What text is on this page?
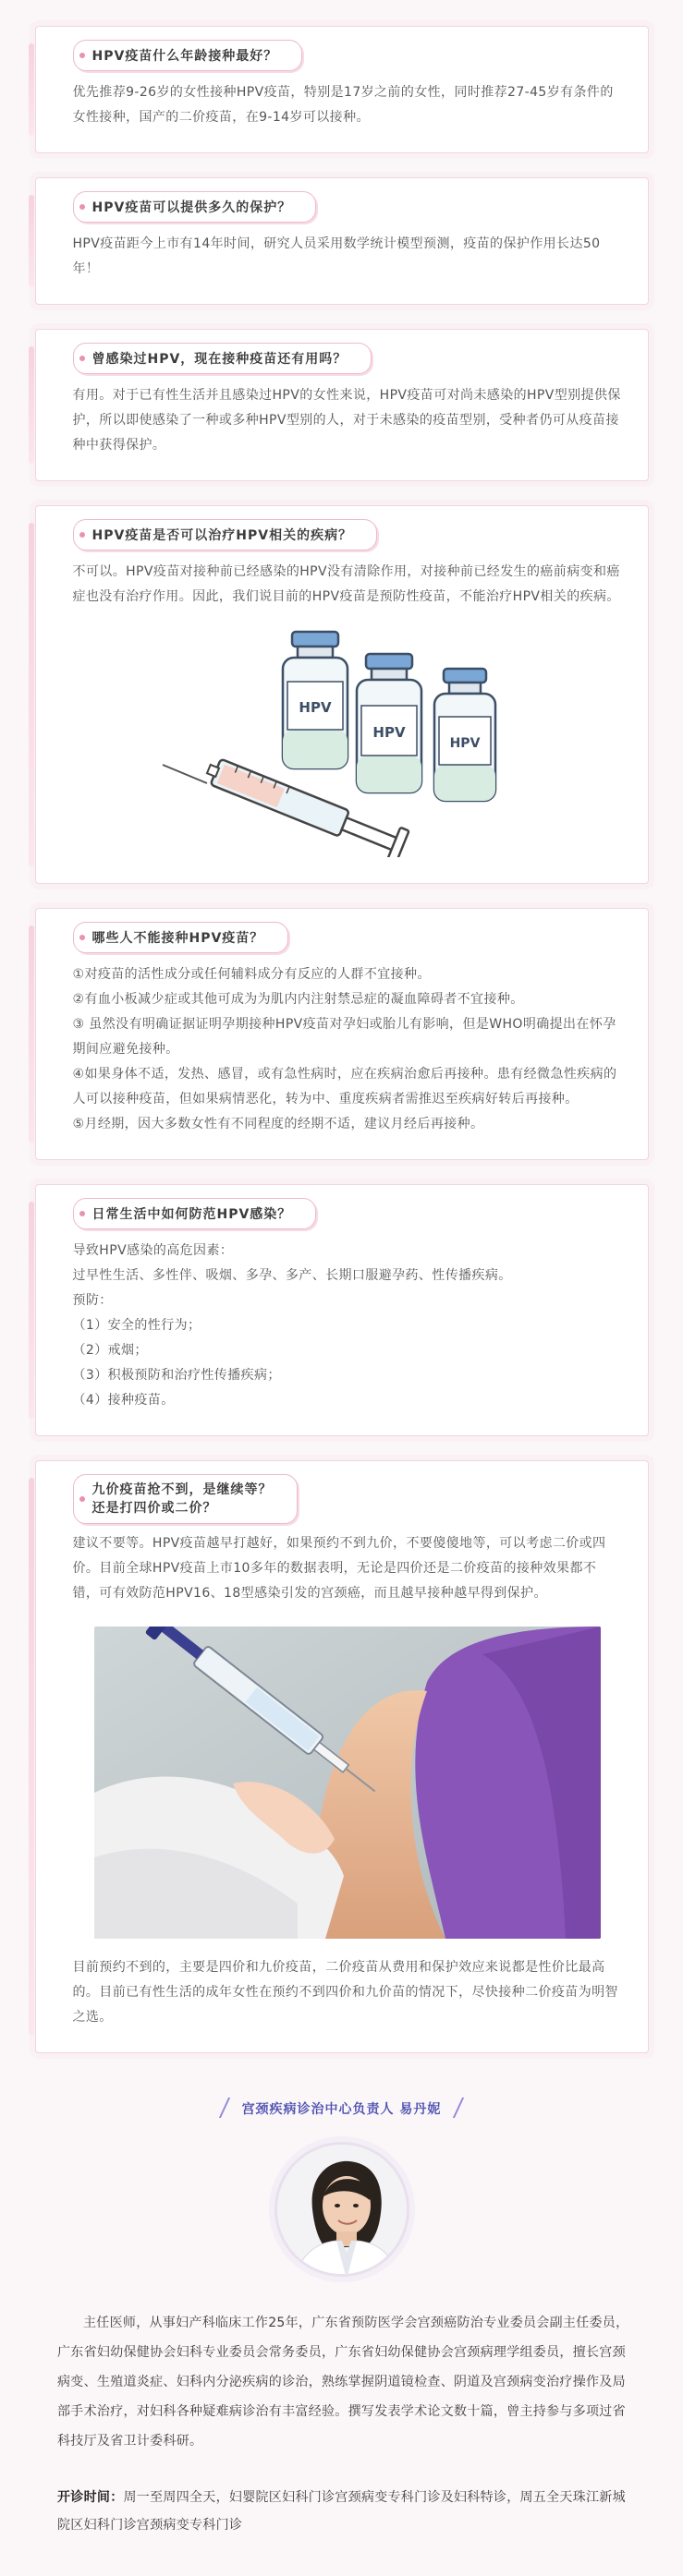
HPV疫苗什么年龄接种最好？

优先推荐9-26岁的女性接种HPV疫苗，特别是17岁之前的女性，同时推荐27-45岁有条件的女性接种，国产的二价疫苗，在9-14岁可以接种。

HPV疫苗可以提供多久的保护？

HPV疫苗距今上市有14年时间，研究人员采用数学统计模型预测，疫苗的保护作用长达50年！

曾感染过HPV，现在接种疫苗还有用吗？

有用。对于已有性生活并且感染过HPV的女性来说，HPV疫苗可对尚未感染的HPV型别提供保护，所以即使感染了一种或多种HPV型别的人，对于未感染的疫苗型别，受种者仍可从疫苗接种中获得保护。

HPV疫苗是否可以治疗HPV相关的疾病？

不可以。HPV疫苗对接种前已经感染的HPV没有清除作用，对接种前已经发生的癌前病变和癌症也没有治疗作用。因此，我们说目前的HPV疫苗是预防性疫苗，不能治疗HPV相关的疾病。

HPV
HPV
HPV
哪些人不能接种HPV疫苗？

①对疫苗的活性成分或任何辅料成分有反应的人群不宜接种。

②有血小板减少症或其他可成为为肌内内注射禁忌症的凝血障碍者不宜接种。

③ 虽然没有明确证据证明孕期接种HPV疫苗对孕妇或胎儿有影响，但是WHO明确提出在怀孕期间应避免接种。

④如果身体不适，发热、感冒，或有急性病时，应在疾病治愈后再接种。患有经微急性疾病的人可以接种疫苗，但如果病情恶化，转为中、重度疾病者需推迟至疾病好转后再接种。

⑤月经期，因大多数女性有不同程度的经期不适，建议月经后再接种。

日常生活中如何防范HPV感染？

导致HPV感染的高危因素：

过早性生活、多性伴、吸烟、多孕、多产、长期口服避孕药、性传播疾病。

预防：

（1）安全的性行为；

（2）戒烟；

（3）积极预防和治疗性传播疾病；

（4）接种疫苗。

九价疫苗抢不到，是继续等？
还是打四价或二价？

建议不要等。HPV疫苗越早打越好，如果预约不到九价，不要傻傻地等，可以考虑二价或四价。目前全球HPV疫苗上市10多年的数据表明，无论是四价还是二价疫苗的接种效果都不错，可有效防范HPV16、18型感染引发的宫颈癌，而且越早接种越早得到保护。

目前预约不到的，主要是四价和九价疫苗，二价疫苗从费用和保护效应来说都是性价比最高的。目前已有性生活的成年女性在预约不到四价和九价苗的情况下，尽快接种二价疫苗为明智之选。

宫颈疾病诊治中心负责人 易丹妮
主任医师，从事妇产科临床工作25年，广东省预防医学会宫颈癌防治专业委员会副主任委员，广东省妇幼保健协会妇科专业委员会常务委员，广东省妇幼保健协会宫颈病理学组委员，擅长宫颈病变、生殖道炎症、妇科内分泌疾病的诊治，熟练掌握阴道镜检查、阴道及宫颈病变治疗操作及局部手术治疗，对妇科各种疑难病诊治有丰富经验。撰写发表学术论文数十篇，曾主持参与多项过省科技厅及省卫计委科研。
开诊时间：周一至周四全天，妇婴院区妇科门诊宫颈病变专科门诊及妇科特诊，周五全天珠江新城院区妇科门诊宫颈病变专科门诊
